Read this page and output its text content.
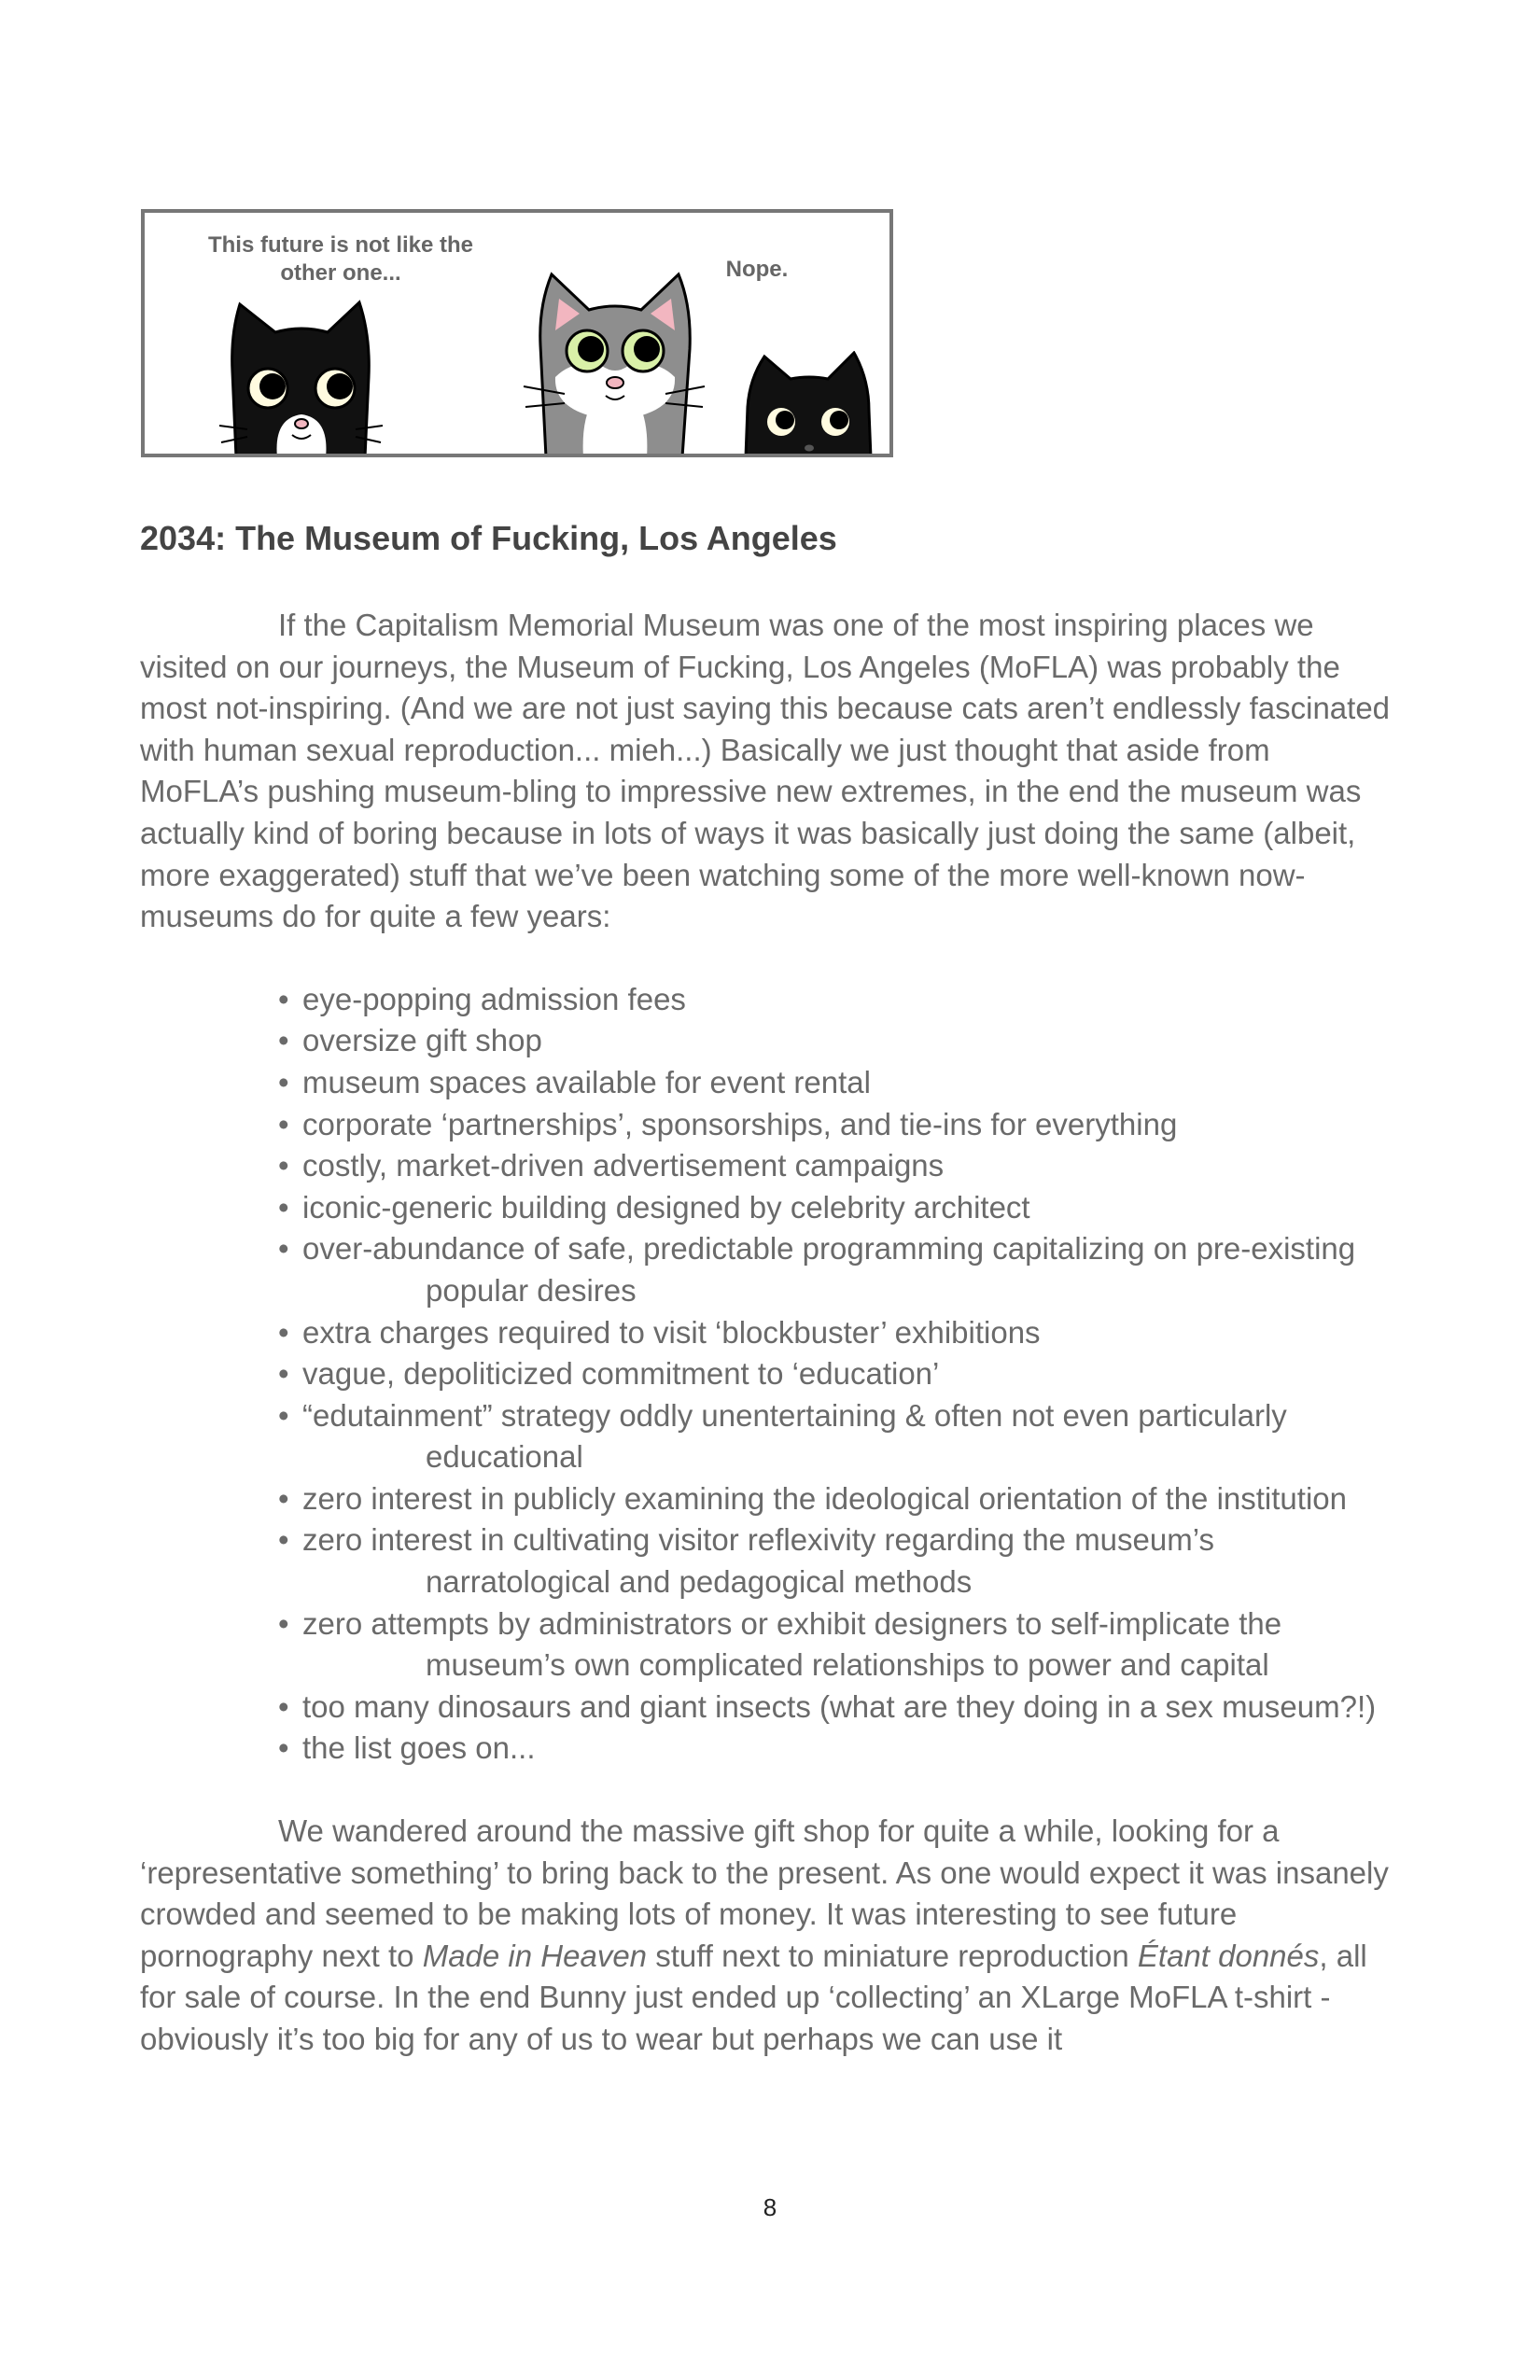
This future is not like the other one...	Nope.
2034: The Museum of Fucking, Los Angeles

If the Capitalism Memorial Museum was one of the most inspiring places we visited on our journeys, the Museum of Fucking, Los Angeles (MoFLA) was probably the most not-inspiring. (And we are not just saying this because cats aren’t endlessly fascinated with human sexual reproduction... mieh...) Basically we just thought that aside from MoFLA’s pushing museum-bling to impressive new extremes, in the end the museum was actually kind of boring because in lots of ways it was basically just doing the same (albeit, more exaggerated) stuff that we’ve been watching some of the more well-known now-museums do for quite a few years:

• eye-popping admission fees
• oversize gift shop
• museum spaces available for event rental
• corporate ‘partnerships’, sponsorships, and tie-ins for everything
• costly, market-driven advertisement campaigns
• iconic-generic building designed by celebrity architect
• over-abundance of safe, predictable programming capitalizing on pre-existing popular desires
• extra charges required to visit ‘blockbuster’ exhibitions
• vague, depoliticized commitment to ‘education’
• “edutainment” strategy oddly unentertaining & often not even particularly educational
• zero interest in publicly examining the ideological orientation of the institution
• zero interest in cultivating visitor reflexivity regarding the museum’s narratological and pedagogical methods
• zero attempts by administrators or exhibit designers to self-implicate the museum’s own complicated relationships to power and capital
• too many dinosaurs and giant insects (what are they doing in a sex museum?!)
• the list goes on...

We wandered around the massive gift shop for quite a while, looking for a ‘representative something’ to bring back to the present. As one would expect it was insanely crowded and seemed to be making lots of money. It was interesting to see future pornography next to Made in Heaven stuff next to miniature reproduction Étant donnés, all for sale of course. In the end Bunny just ended up ‘collecting’ an XLarge MoFLA t-shirt - obviously it’s too big for any of us to wear but perhaps we can use it

8
